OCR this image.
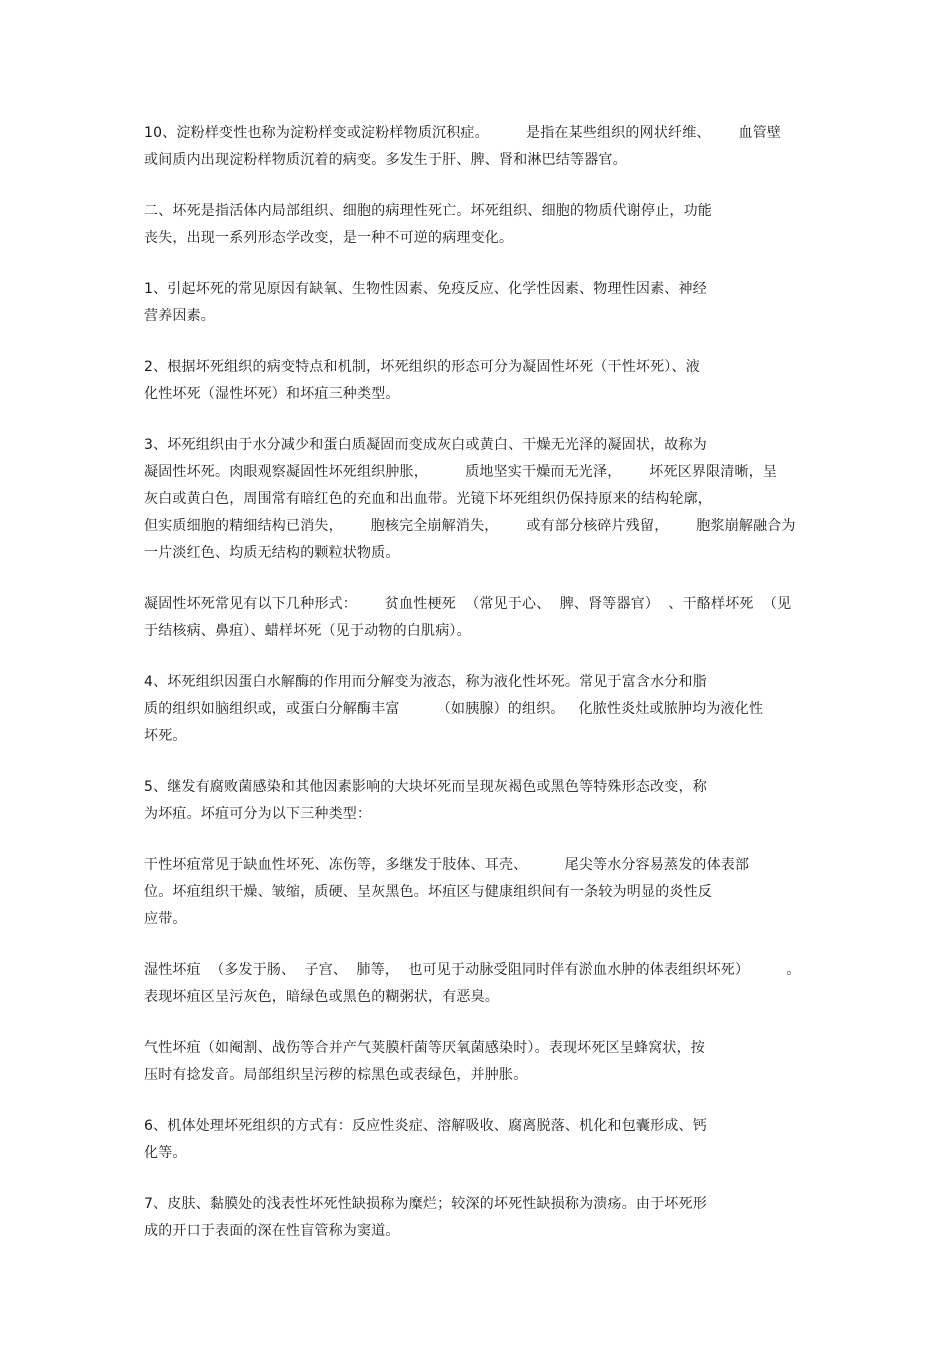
10、淀粉样变性也称为淀粉样变或淀粉样物质沉积症。        是指在某些组织的网状纤维、      血管壁
或间质内出现淀粉样物质沉着的病变。多发生于肝、脾、肾和淋巴结等器官。
二、坏死是指活体内局部组织、细胞的病理性死亡。坏死组织、细胞的物质代谢停止，功能
丧失，出现一系列形态学改变，是一种不可逆的病理变化。
1、引起坏死的常见原因有缺氧、生物性因素、免疫反应、化学性因素、物理性因素、神经
营养因素。
2、根据坏死组织的病变特点和机制，坏死组织的形态可分为凝固性坏死（干性坏死）、液
化性坏死（湿性坏死）和坏疽三种类型。
3、坏死组织由于水分减少和蛋白质凝固而变成灰白或黄白、干燥无光泽的凝固状，故称为
凝固性坏死。肉眼观察凝固性坏死组织肿胀，        质地坚实干燥而无光泽，      坏死区界限清晰，呈
灰白或黄白色，周围常有暗红色的充血和出血带。光镜下坏死组织仍保持原来的结构轮廓，
但实质细胞的精细结构已消失，      胞核完全崩解消失，      或有部分核碎片残留，      胞浆崩解融合为
一片淡红色、均质无结构的颗粒状物质。
凝固性坏死常见有以下几种形式：      贫血性梗死  （常见于心、  脾、肾等器官）  、干酪样坏死  （见
于结核病、鼻疽）、蜡样坏死（见于动物的白肌病）。
4、坏死组织因蛋白水解酶的作用而分解变为液态，称为液化性坏死。常见于富含水分和脂
质的组织如脑组织或，或蛋白分解酶丰富        （如胰腺）的组织。   化脓性炎灶或脓肿均为液化性
坏死。
5、继发有腐败菌感染和其他因素影响的大块坏死而呈现灰褐色或黑色等特殊形态改变，称
为坏疽。坏疽可分为以下三种类型：
干性坏疽常见于缺血性坏死、冻伤等，多继发于肢体、耳壳、        尾尖等水分容易蒸发的体表部
位。坏疽组织干燥、皱缩，质硬、呈灰黑色。坏疽区与健康组织间有一条较为明显的炎性反
应带。
湿性坏疽  （多发于肠、  子宫、  肺等，  也可见于动脉受阻同时伴有淤血水肿的体表组织坏死）        。
表现坏疽区呈污灰色，暗绿色或黑色的糊粥状，有恶臭。
气性坏疽（如阉割、战伤等合并产气荚膜杆菌等厌氧菌感染时）。表现坏死区呈蜂窝状，按
压时有捻发音。局部组织呈污秽的棕黑色或表绿色，并肿胀。
6、机体处理坏死组织的方式有：反应性炎症、溶解吸收、腐离脱落、机化和包囊形成、钙
化等。
7、皮肤、黏膜处的浅表性坏死性缺损称为糜烂；较深的坏死性缺损称为溃疡。由于坏死形
成的开口于表面的深在性盲管称为窦道。
